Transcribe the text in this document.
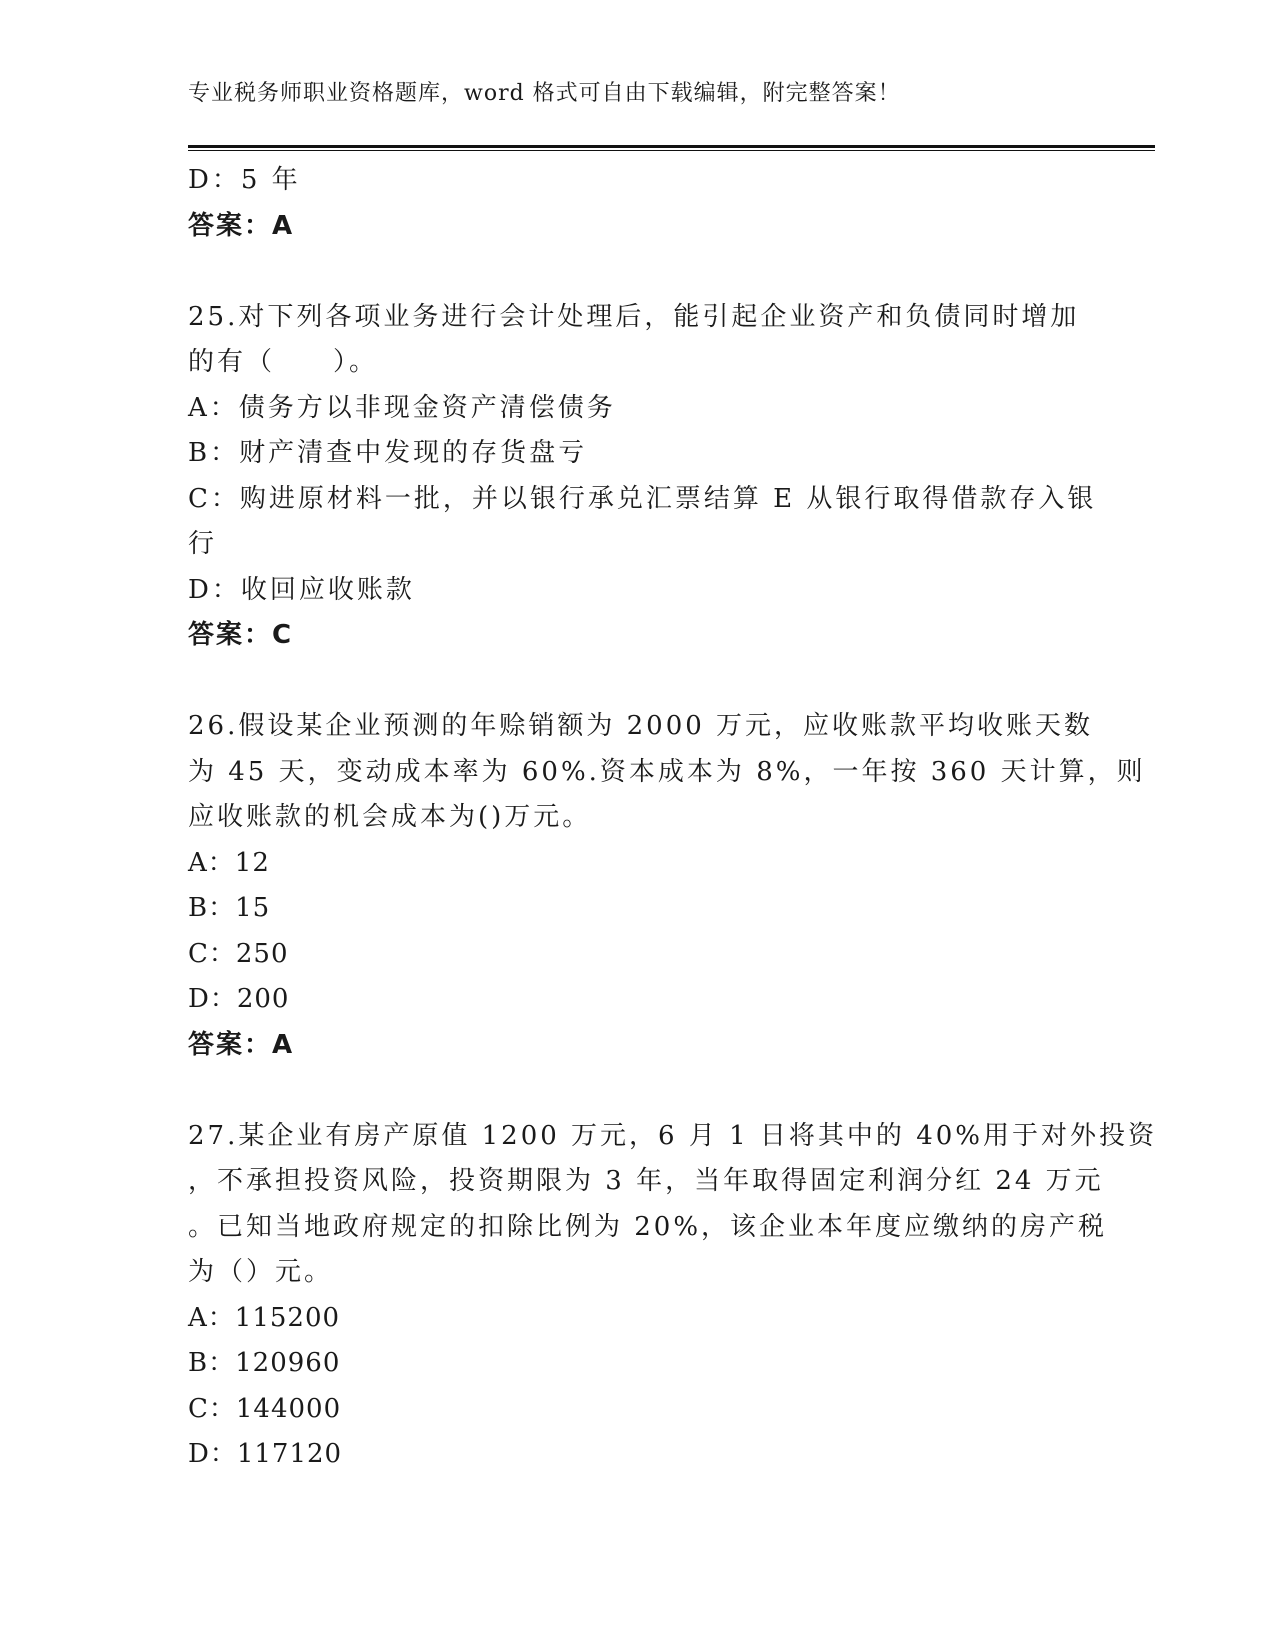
专业税务师职业资格题库，word 格式可自由下载编辑，附完整答案！
D：5 年
答案：A
25.对下列各项业务进行会计处理后，能引起企业资产和负债同时增加
的有（　　）。
A：债务方以非现金资产清偿债务
B：财产清查中发现的存货盘亏
C：购进原材料一批，并以银行承兑汇票结算 E 从银行取得借款存入银
行
D：收回应收账款
答案：C
26.假设某企业预测的年赊销额为 2000 万元，应收账款平均收账天数
为 45 天，变动成本率为 60%.资本成本为 8%，一年按 360 天计算，则
应收账款的机会成本为()万元。
A：12
B：15
C：250
D：200
答案：A
27.某企业有房产原值 1200 万元，6 月 1 日将其中的 40%用于对外投资
，不承担投资风险，投资期限为 3 年，当年取得固定利润分红 24 万元
。已知当地政府规定的扣除比例为 20%，该企业本年度应缴纳的房产税
为（）元。
A：115200
B：120960
C：144000
D：117120
